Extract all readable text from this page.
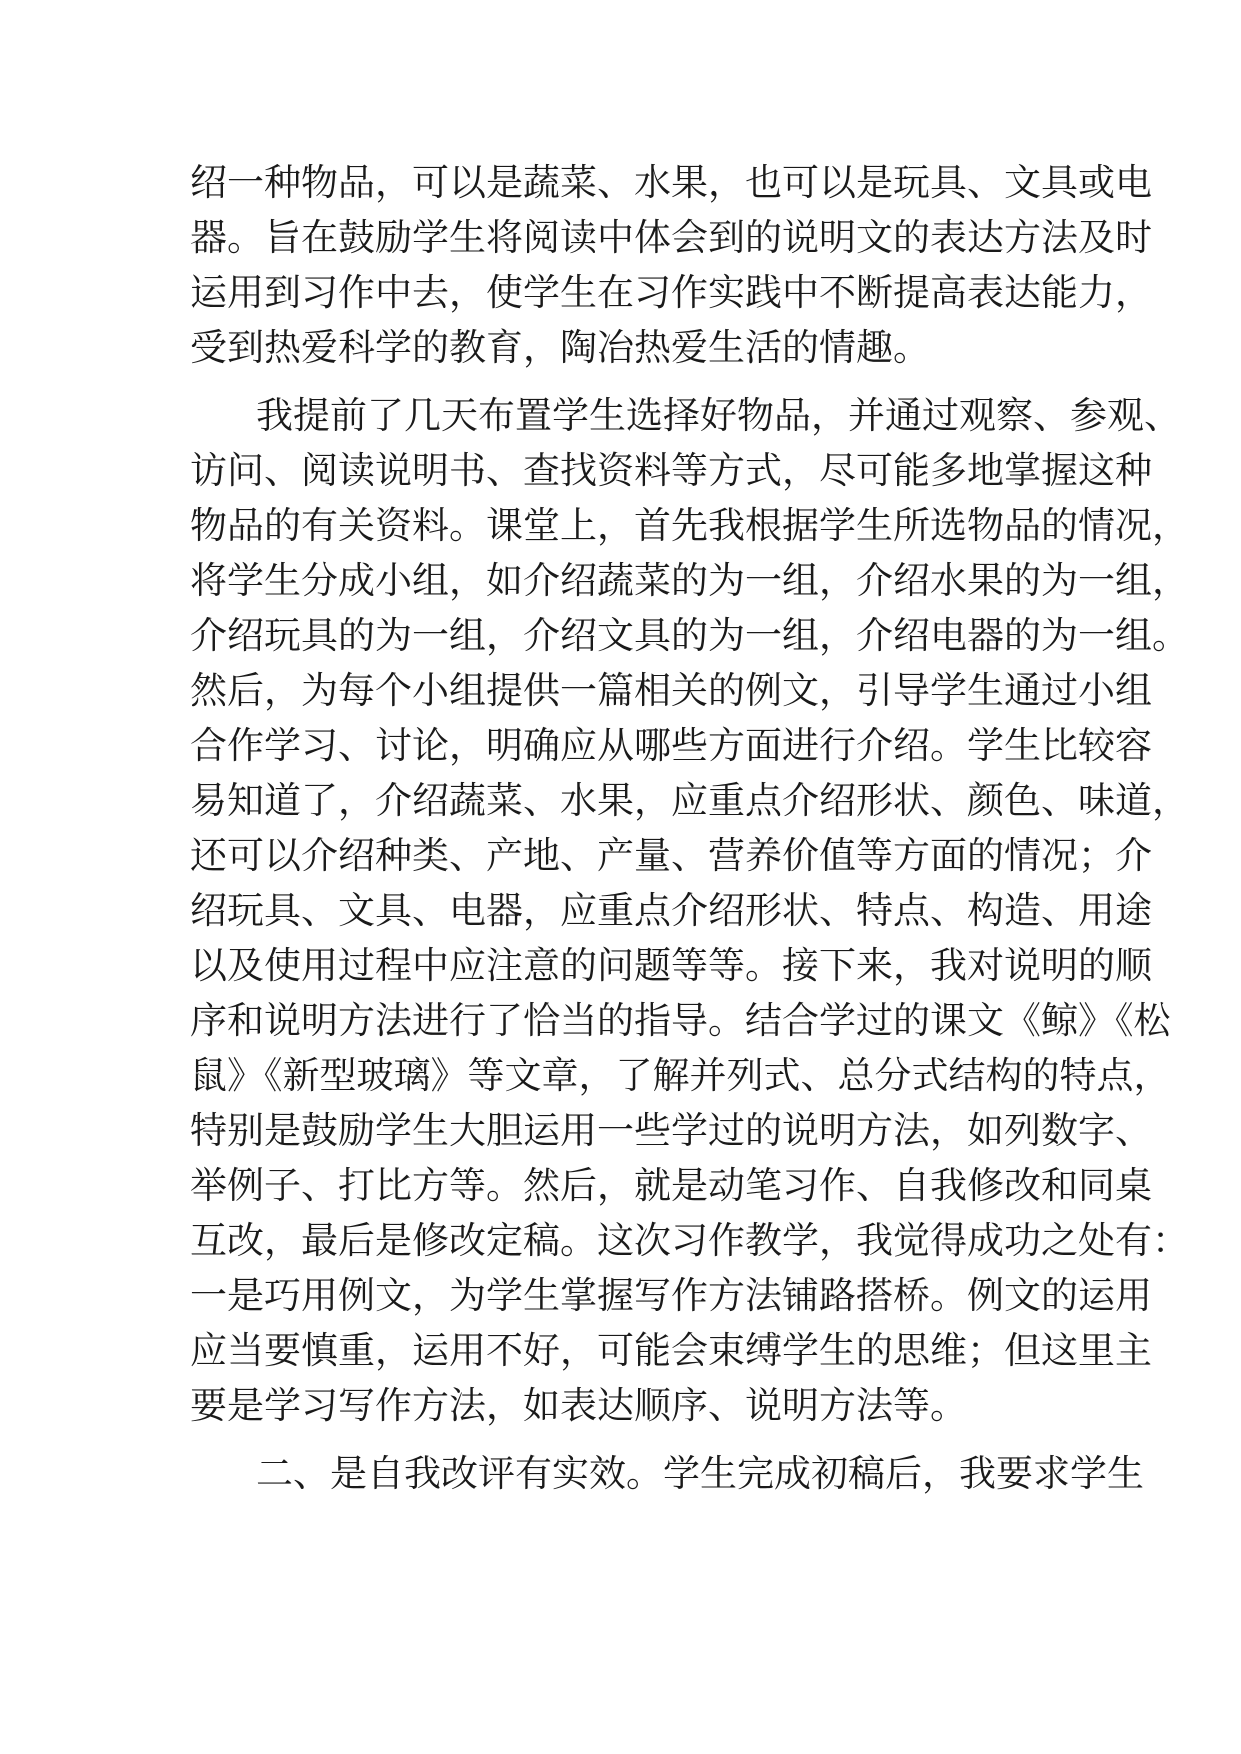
绍一种物品，可以是蔬菜、水果，也可以是玩具、文具或电
器。旨在鼓励学生将阅读中体会到的说明文的表达方法及时
运用到习作中去，使学生在习作实践中不断提高表达能力，
受到热爱科学的教育，陶冶热爱生活的情趣。
我提前了几天布置学生选择好物品，并通过观察、参观、
访问、阅读说明书、查找资料等方式，尽可能多地掌握这种
物品的有关资料。课堂上，首先我根据学生所选物品的情况，
将学生分成小组，如介绍蔬菜的为一组，介绍水果的为一组，
介绍玩具的为一组，介绍文具的为一组，介绍电器的为一组。
然后，为每个小组提供一篇相关的例文，引导学生通过小组
合作学习、讨论，明确应从哪些方面进行介绍。学生比较容
易知道了，介绍蔬菜、水果，应重点介绍形状、颜色、味道，
还可以介绍种类、产地、产量、营养价值等方面的情况；介
绍玩具、文具、电器，应重点介绍形状、特点、构造、用途
以及使用过程中应注意的问题等等。接下来，我对说明的顺
序和说明方法进行了恰当的指导。结合学过的课文《鲸》《松
鼠》《新型玻璃》等文章，了解并列式、总分式结构的特点，
特别是鼓励学生大胆运用一些学过的说明方法，如列数字、
举例子、打比方等。然后，就是动笔习作、自我修改和同桌
互改，最后是修改定稿。这次习作教学，我觉得成功之处有：
一是巧用例文，为学生掌握写作方法铺路搭桥。例文的运用
应当要慎重，运用不好，可能会束缚学生的思维；但这里主
要是学习写作方法，如表达顺序、说明方法等。
二、是自我改评有实效。学生完成初稿后，我要求学生
